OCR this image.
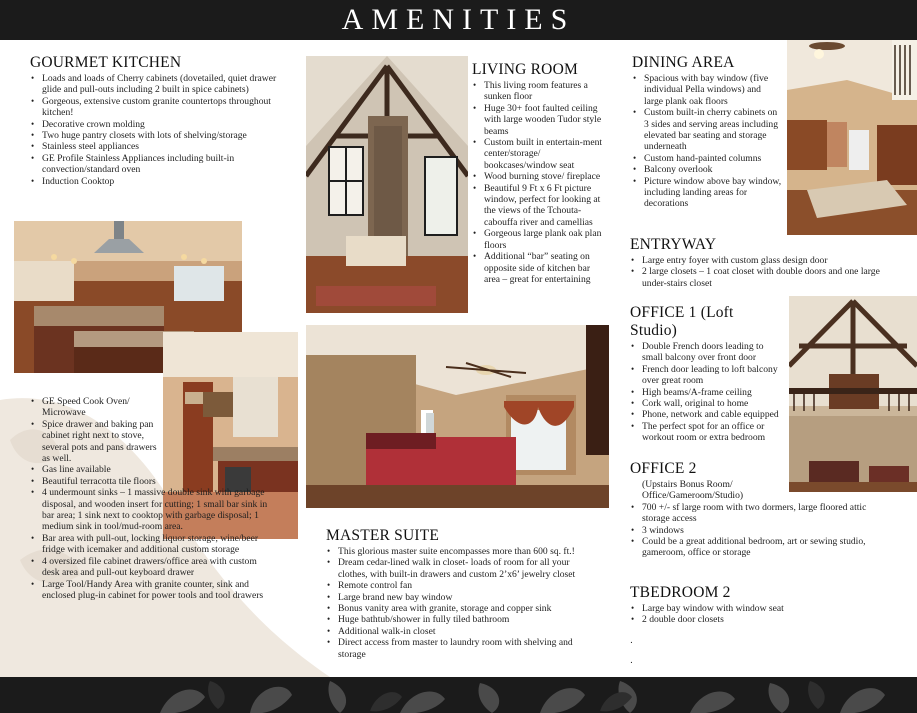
AMENITIES
GOURMET KITCHEN
• Loads and loads of Cherry cabinets (dovetailed, quiet drawer glide and pull-outs including 2 built in spice cabinets)
• Gorgeous, extensive custom granite countertops throughout kitchen!
• Decorative crown molding
• Two huge pantry closets with lots of shelving/storage
• Stainless steel appliances
• GE Profile Stainless Appliances including built-in convection/standard oven
• Induction Cooktop
• GE Speed Cook Oven/ Microwave
• Spice drawer and baking pan cabinet right next to stove, several pots and pans drawers as well.
• Gas line available
• Beautiful terracotta tile floors
• 4 undermount sinks – 1 massive double sink with garbage disposal, and wooden insert for cutting; 1 small bar sink in bar area; 1 sink next to cooktop with garbage disposal; 1 medium sink in tool/mud-room area.
• Bar area with pull-out, locking liquor storage, wine/beer fridge with icemaker and additional custom storage
• 4 oversized file cabinet drawers/office area with custom desk area and pull-out keyboard drawer
• Large Tool/Handy Area with granite counter, sink and enclosed plug-in cabinet for power tools and tool drawers
LIVING ROOM
• This living room features a sunken floor
• Huge 30+ foot faulted ceiling with large wooden Tudor style beams
• Custom built in entertain-ment center/storage/ bookcases/window seat
• Wood burning stove/ fireplace
• Beautiful 9 Ft x 6 Ft picture window, perfect for looking at the views of the Tchouta-cabouffa river and camellias
• Gorgeous large plank oak plan floors
• Additional “bar” seating on opposite side of kitchen bar area – great for entertaining
DINING AREA
• Spacious with bay window (five individual Pella windows) and large plank oak floors
• Custom built-in cherry cabinets on 3 sides and serving areas including elevated bar seating and storage underneath
• Custom hand-painted columns
• Balcony overlook
• Picture window above bay window, including landing areas for decorations
ENTRYWAY
• Large entry foyer with custom glass design door
• 2 large closets – 1 coat closet with double doors and one large under-stairs closet
OFFICE 1 (Loft Studio)
• Double French doors leading to small balcony over front door
• French door leading to loft balcony over great room
• High beams/A-frame ceiling
• Cork wall, original to home
• Phone, network and cable equipped
• The perfect spot for an office or workout room or extra bedroom
OFFICE 2

(Upstairs Bonus Room/ Office/Gameroom/Studio)

• 700 +/- sf large room with two dormers, large floored attic storage access
• 3 windows
• Could be a great additional bedroom, art or sewing studio, gameroom, office or storage
MASTER SUITE
• This glorious master suite encompasses more than 600 sq. ft.!
• Dream cedar-lined walk in closet- loads of room for all your clothes, with built-in drawers and custom 2’x6’ jewelry closet
• Remote control fan
• Large brand new bay window
• Bonus vanity area with granite, storage and copper sink
• Huge bathtub/shower in fully tiled bathroom
• Additional walk-in closet
• Direct access from master to laundry room with shelving and storage
TBEDROOM 2
• Large bay window with window seat
• 2 double door closets
.
.
